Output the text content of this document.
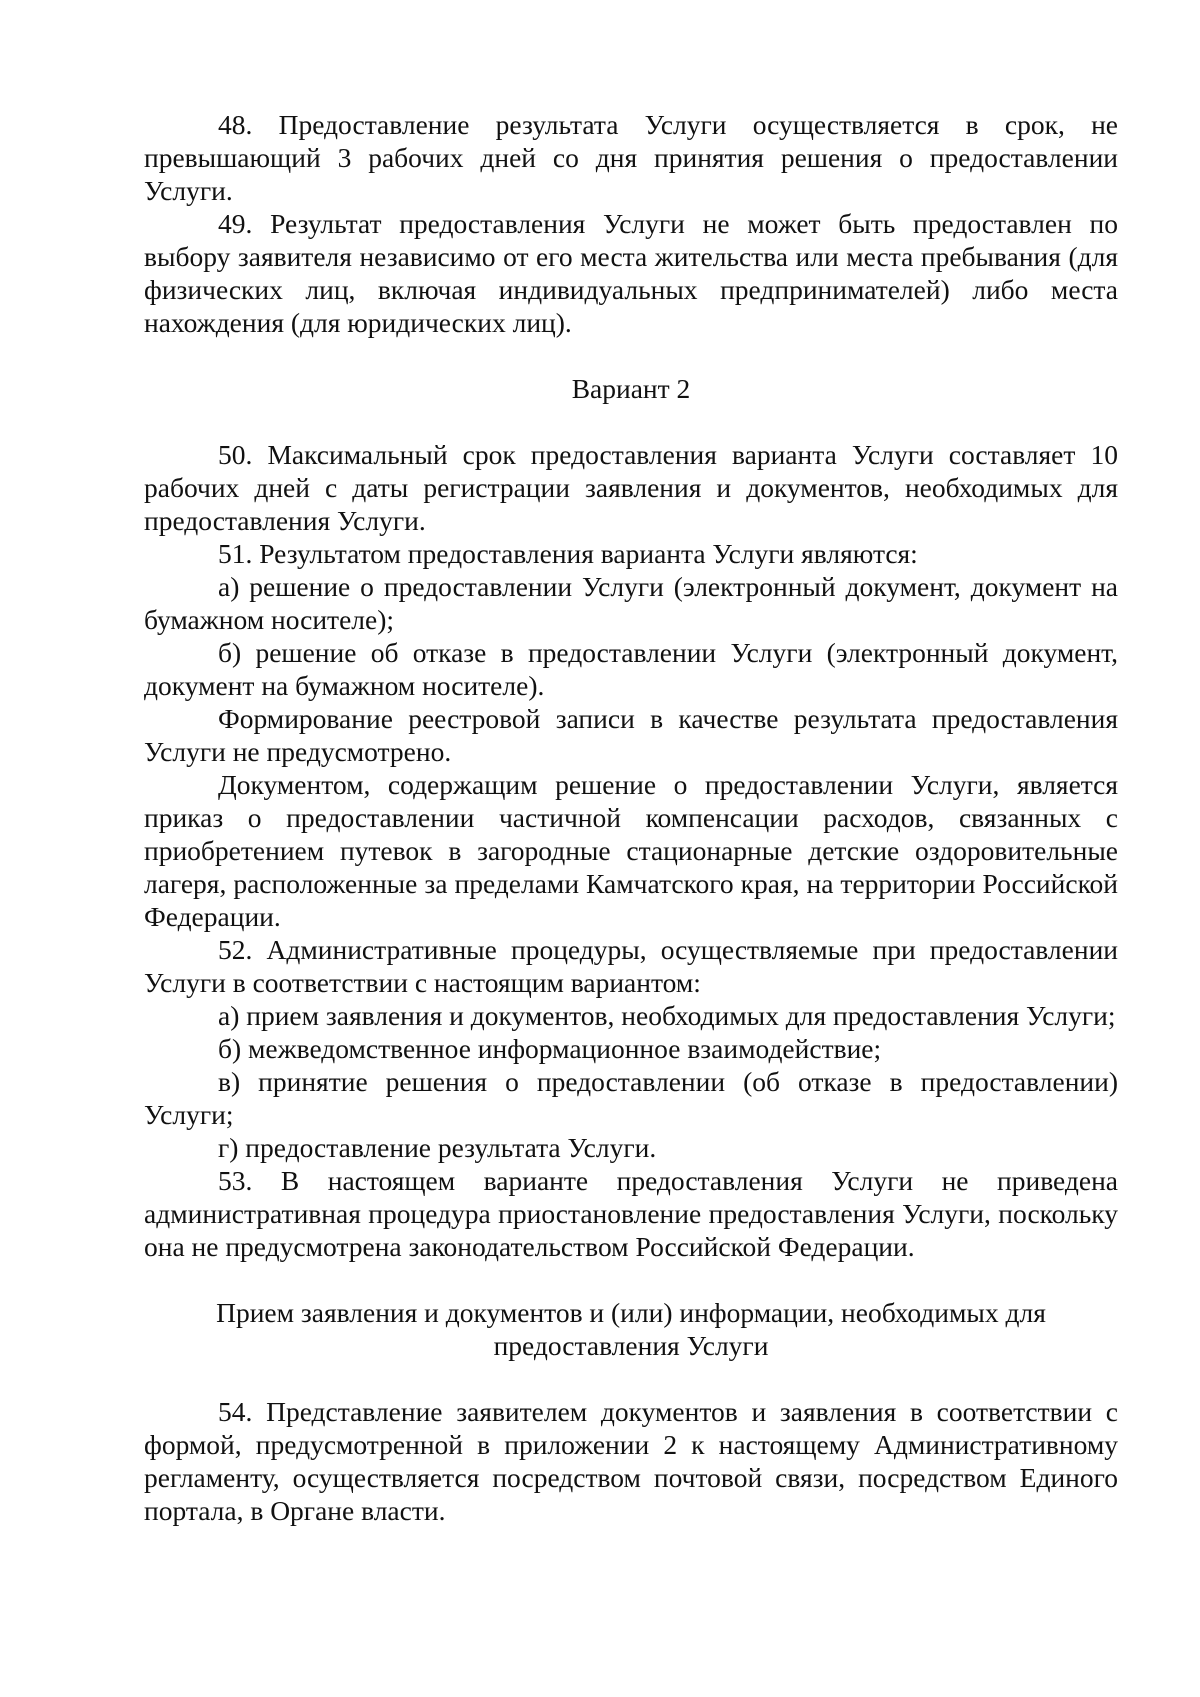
48. Предоставление результата Услуги осуществляется в срок, не превышающий 3 рабочих дней со дня принятия решения о предоставлении Услуги.

49. Результат предоставления Услуги не может быть предоставлен по выбору заявителя независимо от его места жительства или места пребывания (для физических лиц, включая индивидуальных предпринимателей) либо места нахождения (для юридических лиц).

Вариант 2

50. Максимальный срок предоставления варианта Услуги составляет 10 рабочих дней с даты регистрации заявления и документов, необходимых для предоставления Услуги.

51. Результатом предоставления варианта Услуги являются:

а) решение о предоставлении Услуги (электронный документ, документ на бумажном носителе);

б) решение об отказе в предоставлении Услуги (электронный документ, документ на бумажном носителе).

Формирование реестровой записи в качестве результата предоставления Услуги не предусмотрено.

Документом, содержащим решение о предоставлении Услуги, является приказ о предоставлении частичной компенсации расходов, связанных с приобретением путевок в загородные стационарные детские оздоровительные лагеря, расположенные за пределами Камчатского края, на территории Российской Федерации.

52. Административные процедуры, осуществляемые при предоставлении Услуги в соответствии с настоящим вариантом:

а) прием заявления и документов, необходимых для предоставления Услуги;

б) межведомственное информационное взаимодействие;

в) принятие решения о предоставлении (об отказе в предоставлении) Услуги;

г) предоставление результата Услуги.

53. В настоящем варианте предоставления Услуги не приведена административная процедура приостановление предоставления Услуги, поскольку она не предусмотрена законодательством Российской Федерации.

Прием заявления и документов и (или) информации, необходимых для

предоставления Услуги

54. Представление заявителем документов и заявления в соответствии с формой, предусмотренной в приложении 2 к настоящему Административному регламенту, осуществляется посредством почтовой связи, посредством Единого портала, в Органе власти.
